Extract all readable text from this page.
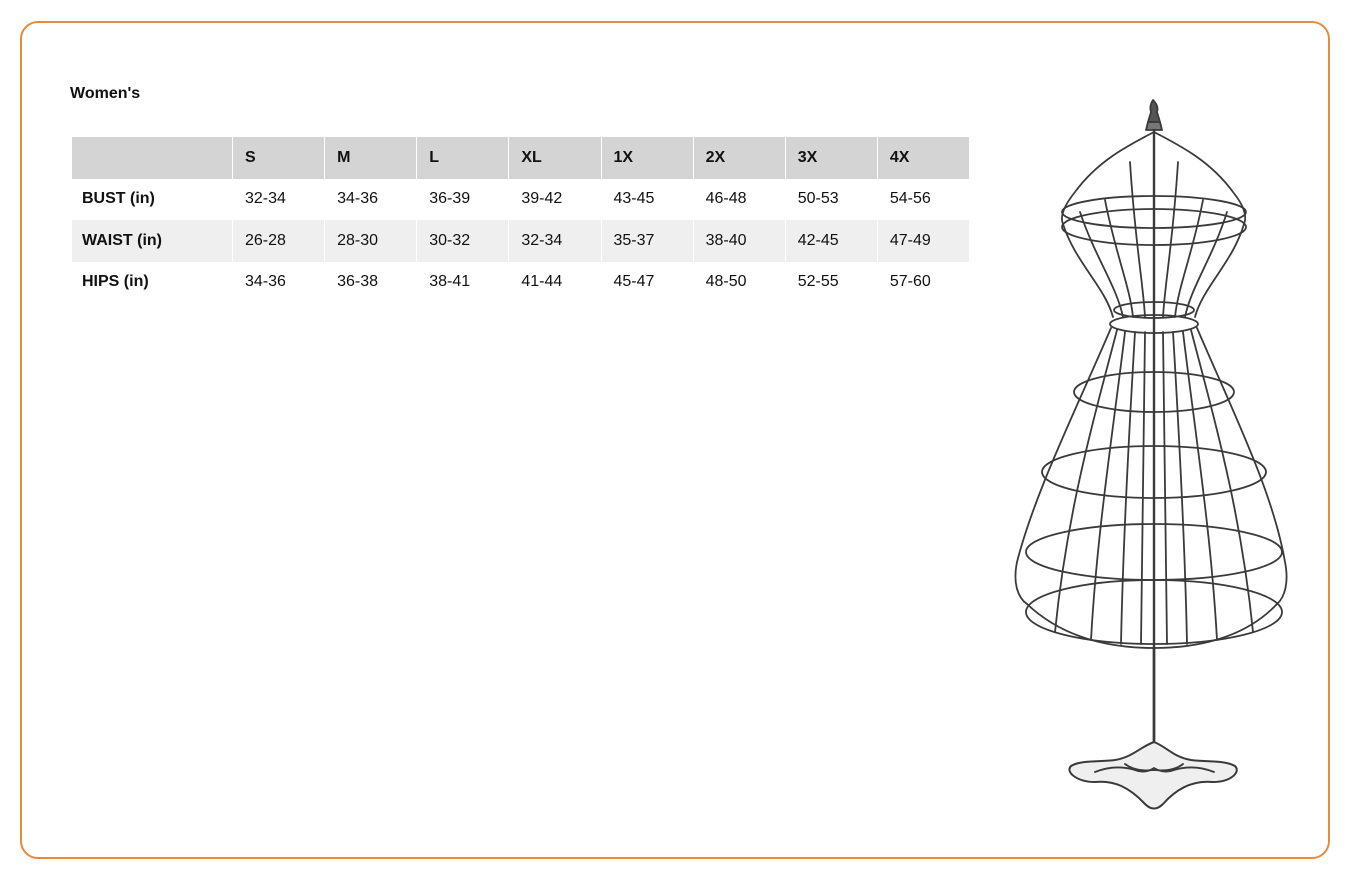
Women's
	S	M	L	XL	1X	2X	3X	4X
BUST (in)	32-34	34-36	36-39	39-42	43-45	46-48	50-53	54-56
WAIST (in)	26-28	28-30	30-32	32-34	35-37	38-40	42-45	47-49
HIPS (in)	34-36	36-38	38-41	41-44	45-47	48-50	52-55	57-60
